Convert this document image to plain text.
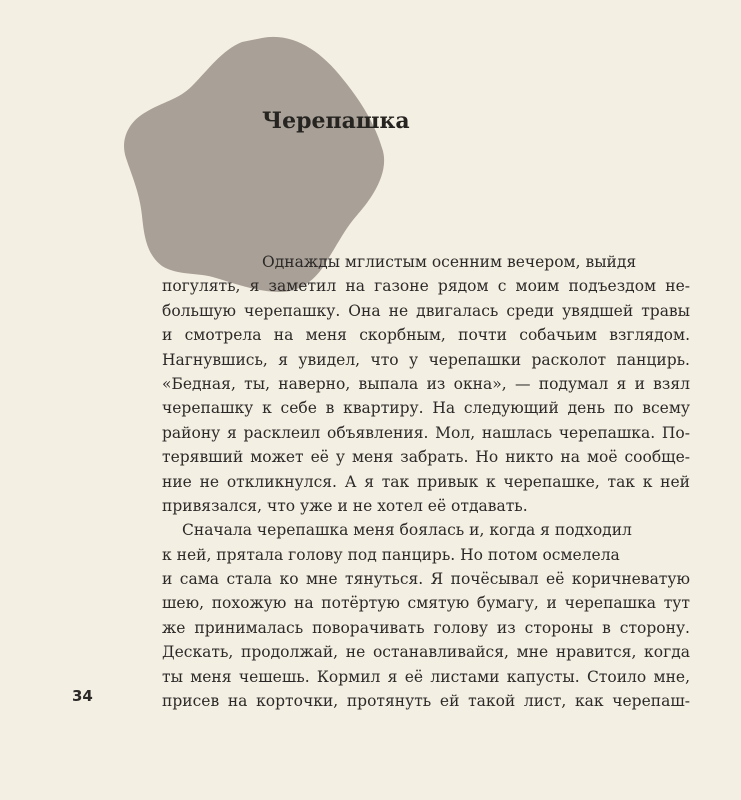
Черепашка
Однажды мглистым осенним вечером, выйдя
погулять, я заметил на газоне рядом с моим подъездом не-
большую черепашку. Она не двигалась среди увядшей травы
и смотрела на меня скорбным, почти собачьим взглядом.
Нагнувшись, я увидел, что у черепашки расколот панцирь.
«Бедная, ты, наверно, выпала из окна», — подумал я и взял
черепашку к себе в квартиру. На следующий день по всему
району я расклеил объявления. Мол, нашлась черепашка. По-
терявший может её у меня забрать. Но никто на моё сообще-
ние не откликнулся. А я так привык к черепашке, так к ней
привязался, что уже и не хотел её отдавать.
Сначала черепашка меня боялась и, когда я подходил
к ней, прятала голову под панцирь. Но потом осмелела
и сама стала ко мне тянуться. Я почёсывал её коричневатую
шею, похожую на потёртую смятую бумагу, и черепашка тут
же принималась поворачивать голову из стороны в сторону.
Дескать, продолжай, не останавливайся, мне нравится, когда
ты меня чешешь. Кормил я её листами капусты. Стоило мне,
присев на корточки, протянуть ей такой лист, как черепаш-
34
